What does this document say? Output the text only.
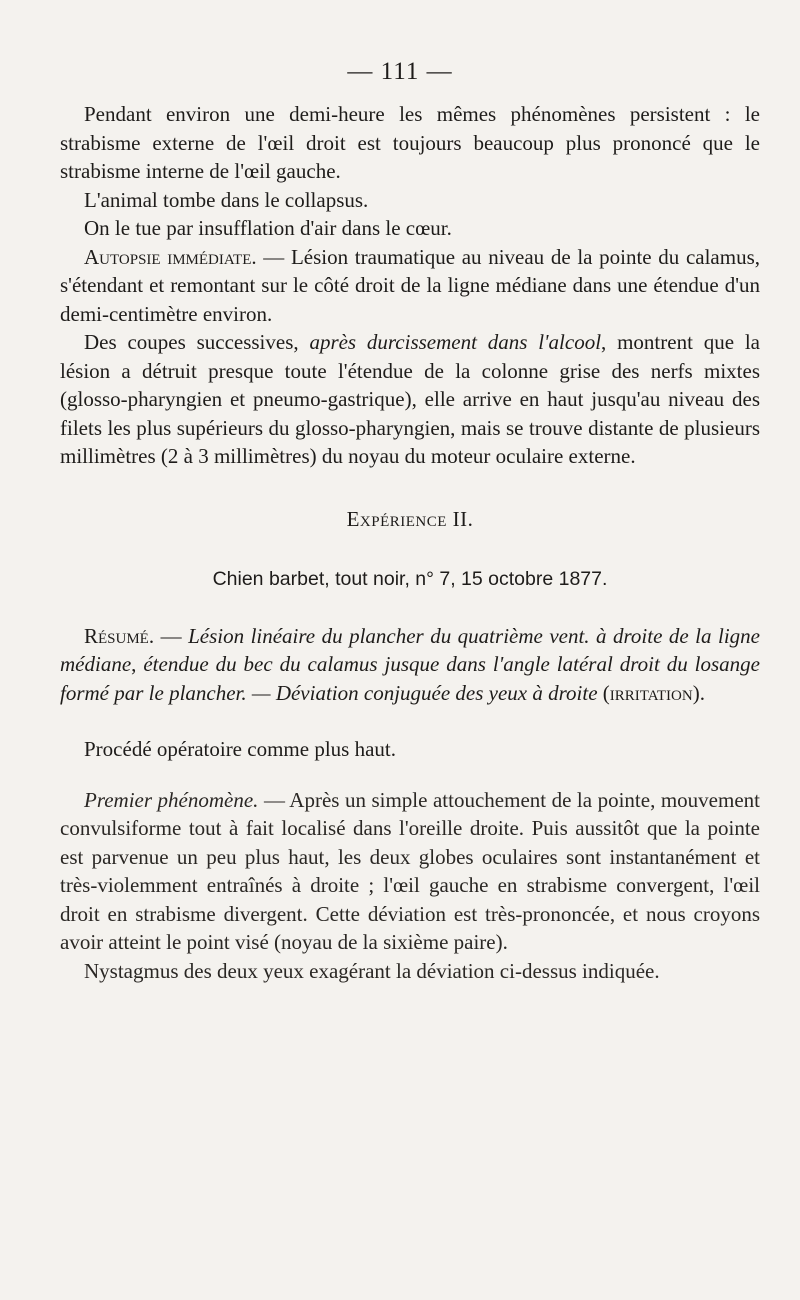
— 111 —

Pendant environ une demi-heure les mêmes phénomènes persistent : le strabisme externe de l'œil droit est toujours beaucoup plus prononcé que le strabisme interne de l'œil gauche.

L'animal tombe dans le collapsus.

On le tue par insufflation d'air dans le cœur.

Autopsie immédiate. — Lésion traumatique au niveau de la pointe du calamus, s'étendant et remontant sur le côté droit de la ligne médiane dans une étendue d'un demi-centimètre environ.

Des coupes successives, après durcissement dans l'alcool, montrent que la lésion a détruit presque toute l'étendue de la colonne grise des nerfs mixtes (glosso-pharyngien et pneumo-gastrique), elle arrive en haut jusqu'au niveau des filets les plus supérieurs du glosso-pharyngien, mais se trouve distante de plusieurs millimètres (2 à 3 millimètres) du noyau du moteur oculaire externe.

Expérience II.

Chien barbet, tout noir, n° 7, 15 octobre 1877.

Résumé. — Lésion linéaire du plancher du quatrième vent. à droite de la ligne médiane, étendue du bec du calamus jusque dans l'angle latéral droit du losange formé par le plancher. — Déviation conjuguée des yeux à droite (irritation).

Procédé opératoire comme plus haut.

Premier phénomène. — Après un simple attouchement de la pointe, mouvement convulsiforme tout à fait localisé dans l'oreille droite. Puis aussitôt que la pointe est parvenue un peu plus haut, les deux globes oculaires sont instantanément et très-violemment entraînés à droite ; l'œil gauche en strabisme convergent, l'œil droit en strabisme divergent. Cette déviation est très-prononcée, et nous croyons avoir atteint le point visé (noyau de la sixième paire).

Nystagmus des deux yeux exagérant la déviation ci-dessus indiquée.
